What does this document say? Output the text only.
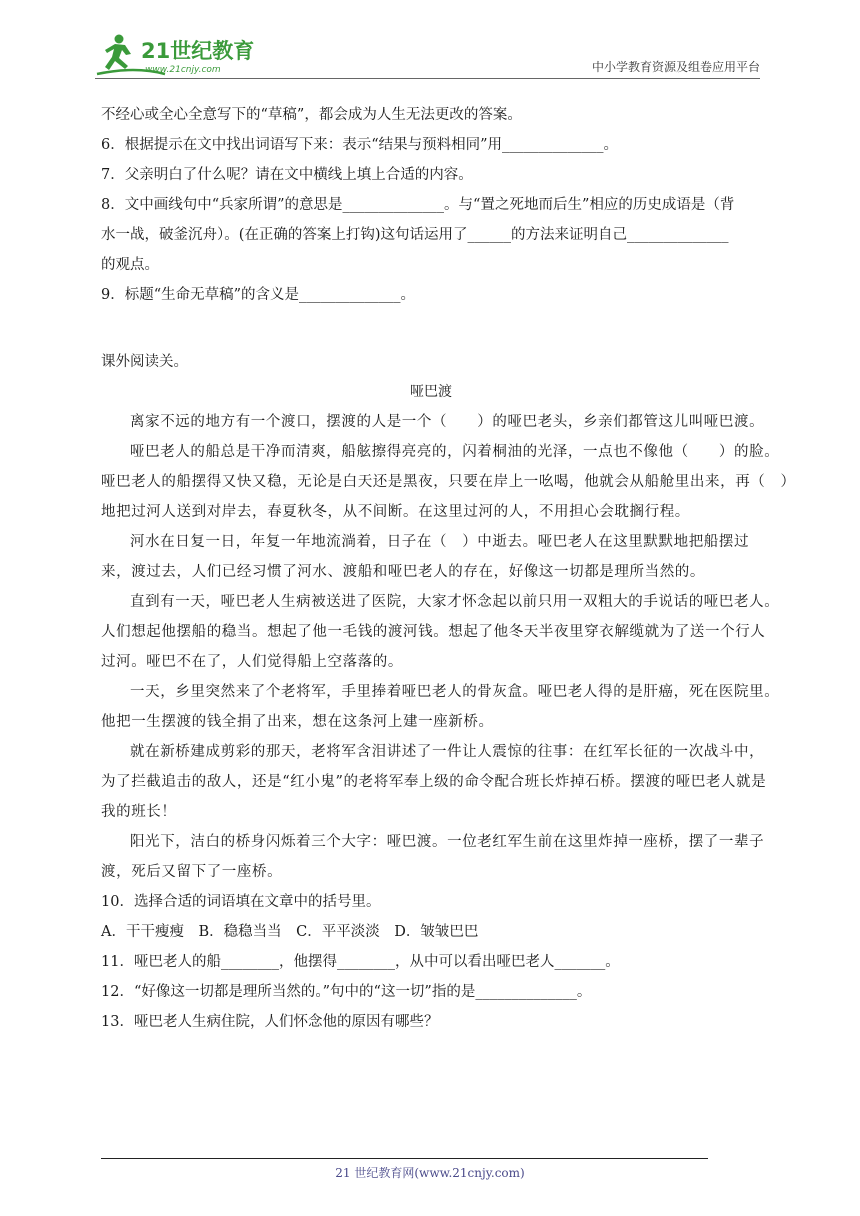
21世纪教育
www.21cnjy.com	中小学教育资源及组卷应用平台

不经心或全心全意写下的“草稿”，都会成为人生无法更改的答案。

6．根据提示在文中找出词语写下来：表示“结果与预料相同”用______________。

7．父亲明白了什么呢？请在文中横线上填上合适的内容。

8．文中画线句中“兵家所谓”的意思是______________。与“置之死地而后生”相应的历史成语是（背

水一战，破釜沉舟）。(在正确的答案上打钩)这句话运用了______的方法来证明自己______________

的观点。

9．标题“生命无草稿”的含义是______________。

课外阅读关。

哑巴渡

离家不远的地方有一个渡口，摆渡的人是一个（　　）的哑巴老头，乡亲们都管这儿叫哑巴渡。

哑巴老人的船总是干净而清爽，船舷擦得亮亮的，闪着桐油的光泽，一点也不像他（　　）的脸。

哑巴老人的船摆得又快又稳，无论是白天还是黑夜，只要在岸上一吆喝，他就会从船舱里出来，再（　）

地把过河人送到对岸去，春夏秋冬，从不间断。在这里过河的人，不用担心会耽搁行程。

河水在日复一日，年复一年地流淌着，日子在（　）中逝去。哑巴老人在这里默默地把船摆过

来，渡过去，人们已经习惯了河水、渡船和哑巴老人的存在，好像这一切都是理所当然的。

直到有一天，哑巴老人生病被送进了医院，大家才怀念起以前只用一双粗大的手说话的哑巴老人。

人们想起他摆船的稳当。想起了他一毛钱的渡河钱。想起了他冬天半夜里穿衣解缆就为了送一个行人

过河。哑巴不在了，人们觉得船上空落落的。

一天，乡里突然来了个老将军，手里捧着哑巴老人的骨灰盒。哑巴老人得的是肝癌，死在医院里。

他把一生摆渡的钱全捐了出来，想在这条河上建一座新桥。

就在新桥建成剪彩的那天，老将军含泪讲述了一件让人震惊的往事：在红军长征的一次战斗中，

为了拦截追击的敌人，还是“红小鬼”的老将军奉上级的命令配合班长炸掉石桥。摆渡的哑巴老人就是

我的班长！

阳光下，洁白的桥身闪烁着三个大字：哑巴渡。一位老红军生前在这里炸掉一座桥，摆了一辈子

渡，死后又留下了一座桥。

10．选择合适的词语填在文章中的括号里。

A．干干瘦瘦　B．稳稳当当　C．平平淡淡　D．皱皱巴巴

11．哑巴老人的船________，他摆得________，从中可以看出哑巴老人_______。

12．“好像这一切都是理所当然的。”句中的“这一切”指的是______________。

13．哑巴老人生病住院，人们怀念他的原因有哪些？

21 世纪教育网(www.21cnjy.com)
